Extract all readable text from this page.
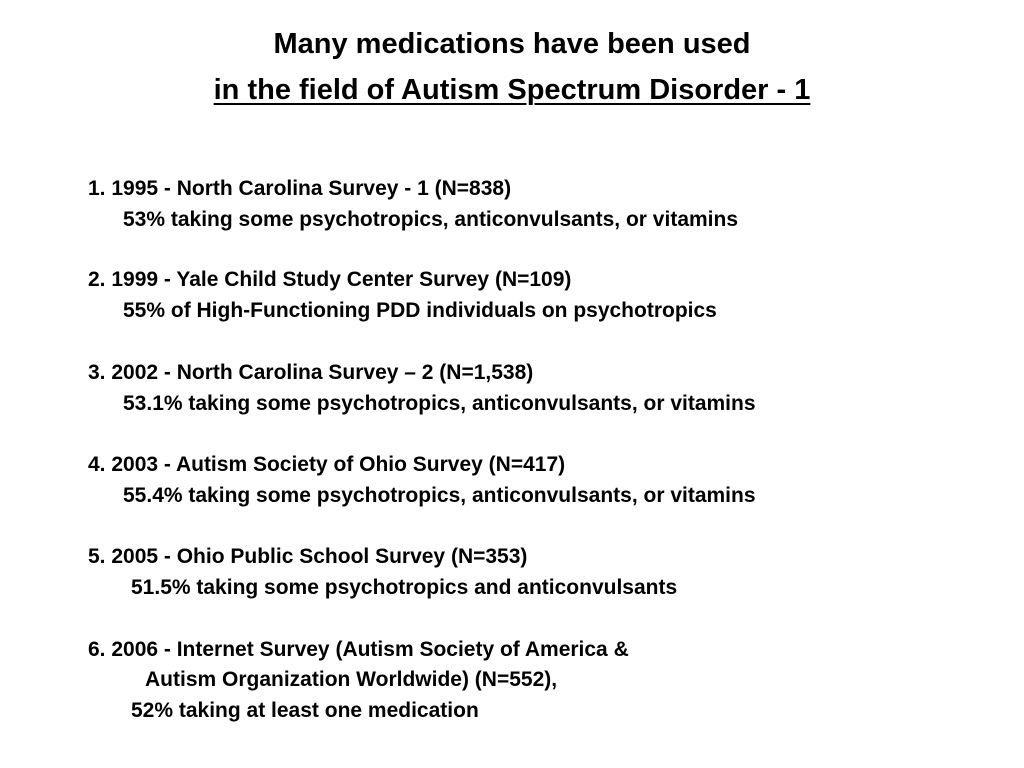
Many medications have been used
in the field of Autism Spectrum Disorder - 1
1. 1995 - North Carolina Survey - 1 (N=838)
53% taking some psychotropics, anticonvulsants, or vitamins
2. 1999 - Yale Child Study Center Survey (N=109)
55% of High-Functioning PDD individuals on psychotropics
3. 2002 - North Carolina Survey – 2 (N=1,538)
53.1% taking some psychotropics, anticonvulsants, or vitamins
4. 2003 - Autism Society of Ohio Survey (N=417)
55.4% taking some psychotropics, anticonvulsants, or vitamins
5. 2005 - Ohio Public School Survey (N=353)
51.5% taking some psychotropics and anticonvulsants
6. 2006 - Internet Survey (Autism Society of America &
Autism Organization Worldwide) (N=552),
52% taking at least one medication
